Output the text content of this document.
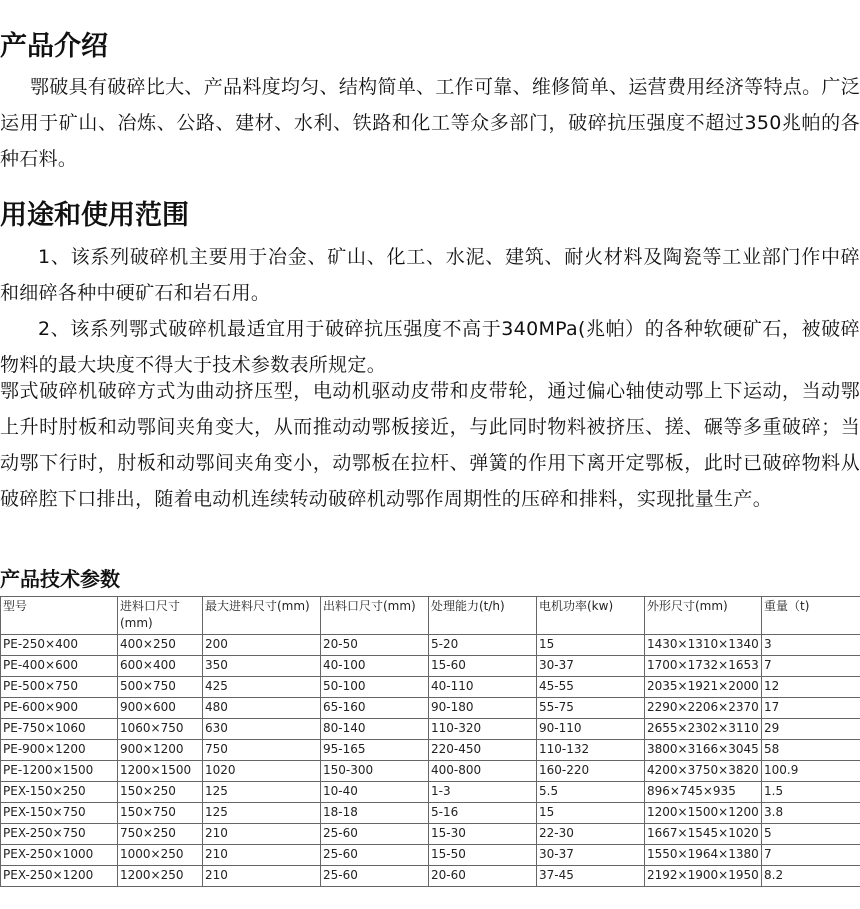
产品介绍

鄂破具有破碎比大、产品料度均匀、结构简单、工作可靠、维修简单、运营费用经济等特点。广泛运用于矿山、冶炼、公路、建材、水利、铁路和化工等众多部门，破碎抗压强度不超过350兆帕的各种石料。

用途和使用范围

1、该系列破碎机主要用于冶金、矿山、化工、水泥、建筑、耐火材料及陶瓷等工业部门作中碎和细碎各种中硬矿石和岩石用。

2、该系列鄂式破碎机最适宜用于破碎抗压强度不高于340MPa(兆帕）的各种软硬矿石，被破碎物料的最大块度不得大于技术参数表所规定。

鄂式破碎机破碎方式为曲动挤压型，电动机驱动皮带和皮带轮，通过偏心轴使动鄂上下运动，当动鄂上升时肘板和动鄂间夹角变大，从而推动动鄂板接近，与此同时物料被挤压、搓、碾等多重破碎；当动鄂下行时，肘板和动鄂间夹角变小，动鄂板在拉杆、弹簧的作用下离开定鄂板，此时已破碎物料从破碎腔下口排出，随着电动机连续转动破碎机动鄂作周期性的压碎和排料，实现批量生产。

产品技术参数
型号	进料口尺寸(mm)	最大进料尺寸(mm)	出料口尺寸(mm)	处理能力(t/h)	电机功率(kw)	外形尺寸(mm)	重量（t)
PE-250×400	400×250	200	20-50	5-20	15	1430×1310×1340	3
PE-400×600	600×400	350	40-100	15-60	30-37	1700×1732×1653	7
PE-500×750	500×750	425	50-100	40-110	45-55	2035×1921×2000	12
PE-600×900	900×600	480	65-160	90-180	55-75	2290×2206×2370	17
PE-750×1060	1060×750	630	80-140	110-320	90-110	2655×2302×3110	29
PE-900×1200	900×1200	750	95-165	220-450	110-132	3800×3166×3045	58
PE-1200×1500	1200×1500	1020	150-300	400-800	160-220	4200×3750×3820	100.9
PEX-150×250	150×250	125	10-40	1-3	5.5	896×745×935	1.5
PEX-150×750	150×750	125	18-18	5-16	15	1200×1500×1200	3.8
PEX-250×750	750×250	210	25-60	15-30	22-30	1667×1545×1020	5
PEX-250×1000	1000×250	210	25-60	15-50	30-37	1550×1964×1380	7
PEX-250×1200	1200×250	210	25-60	20-60	37-45	2192×1900×1950	8.2
